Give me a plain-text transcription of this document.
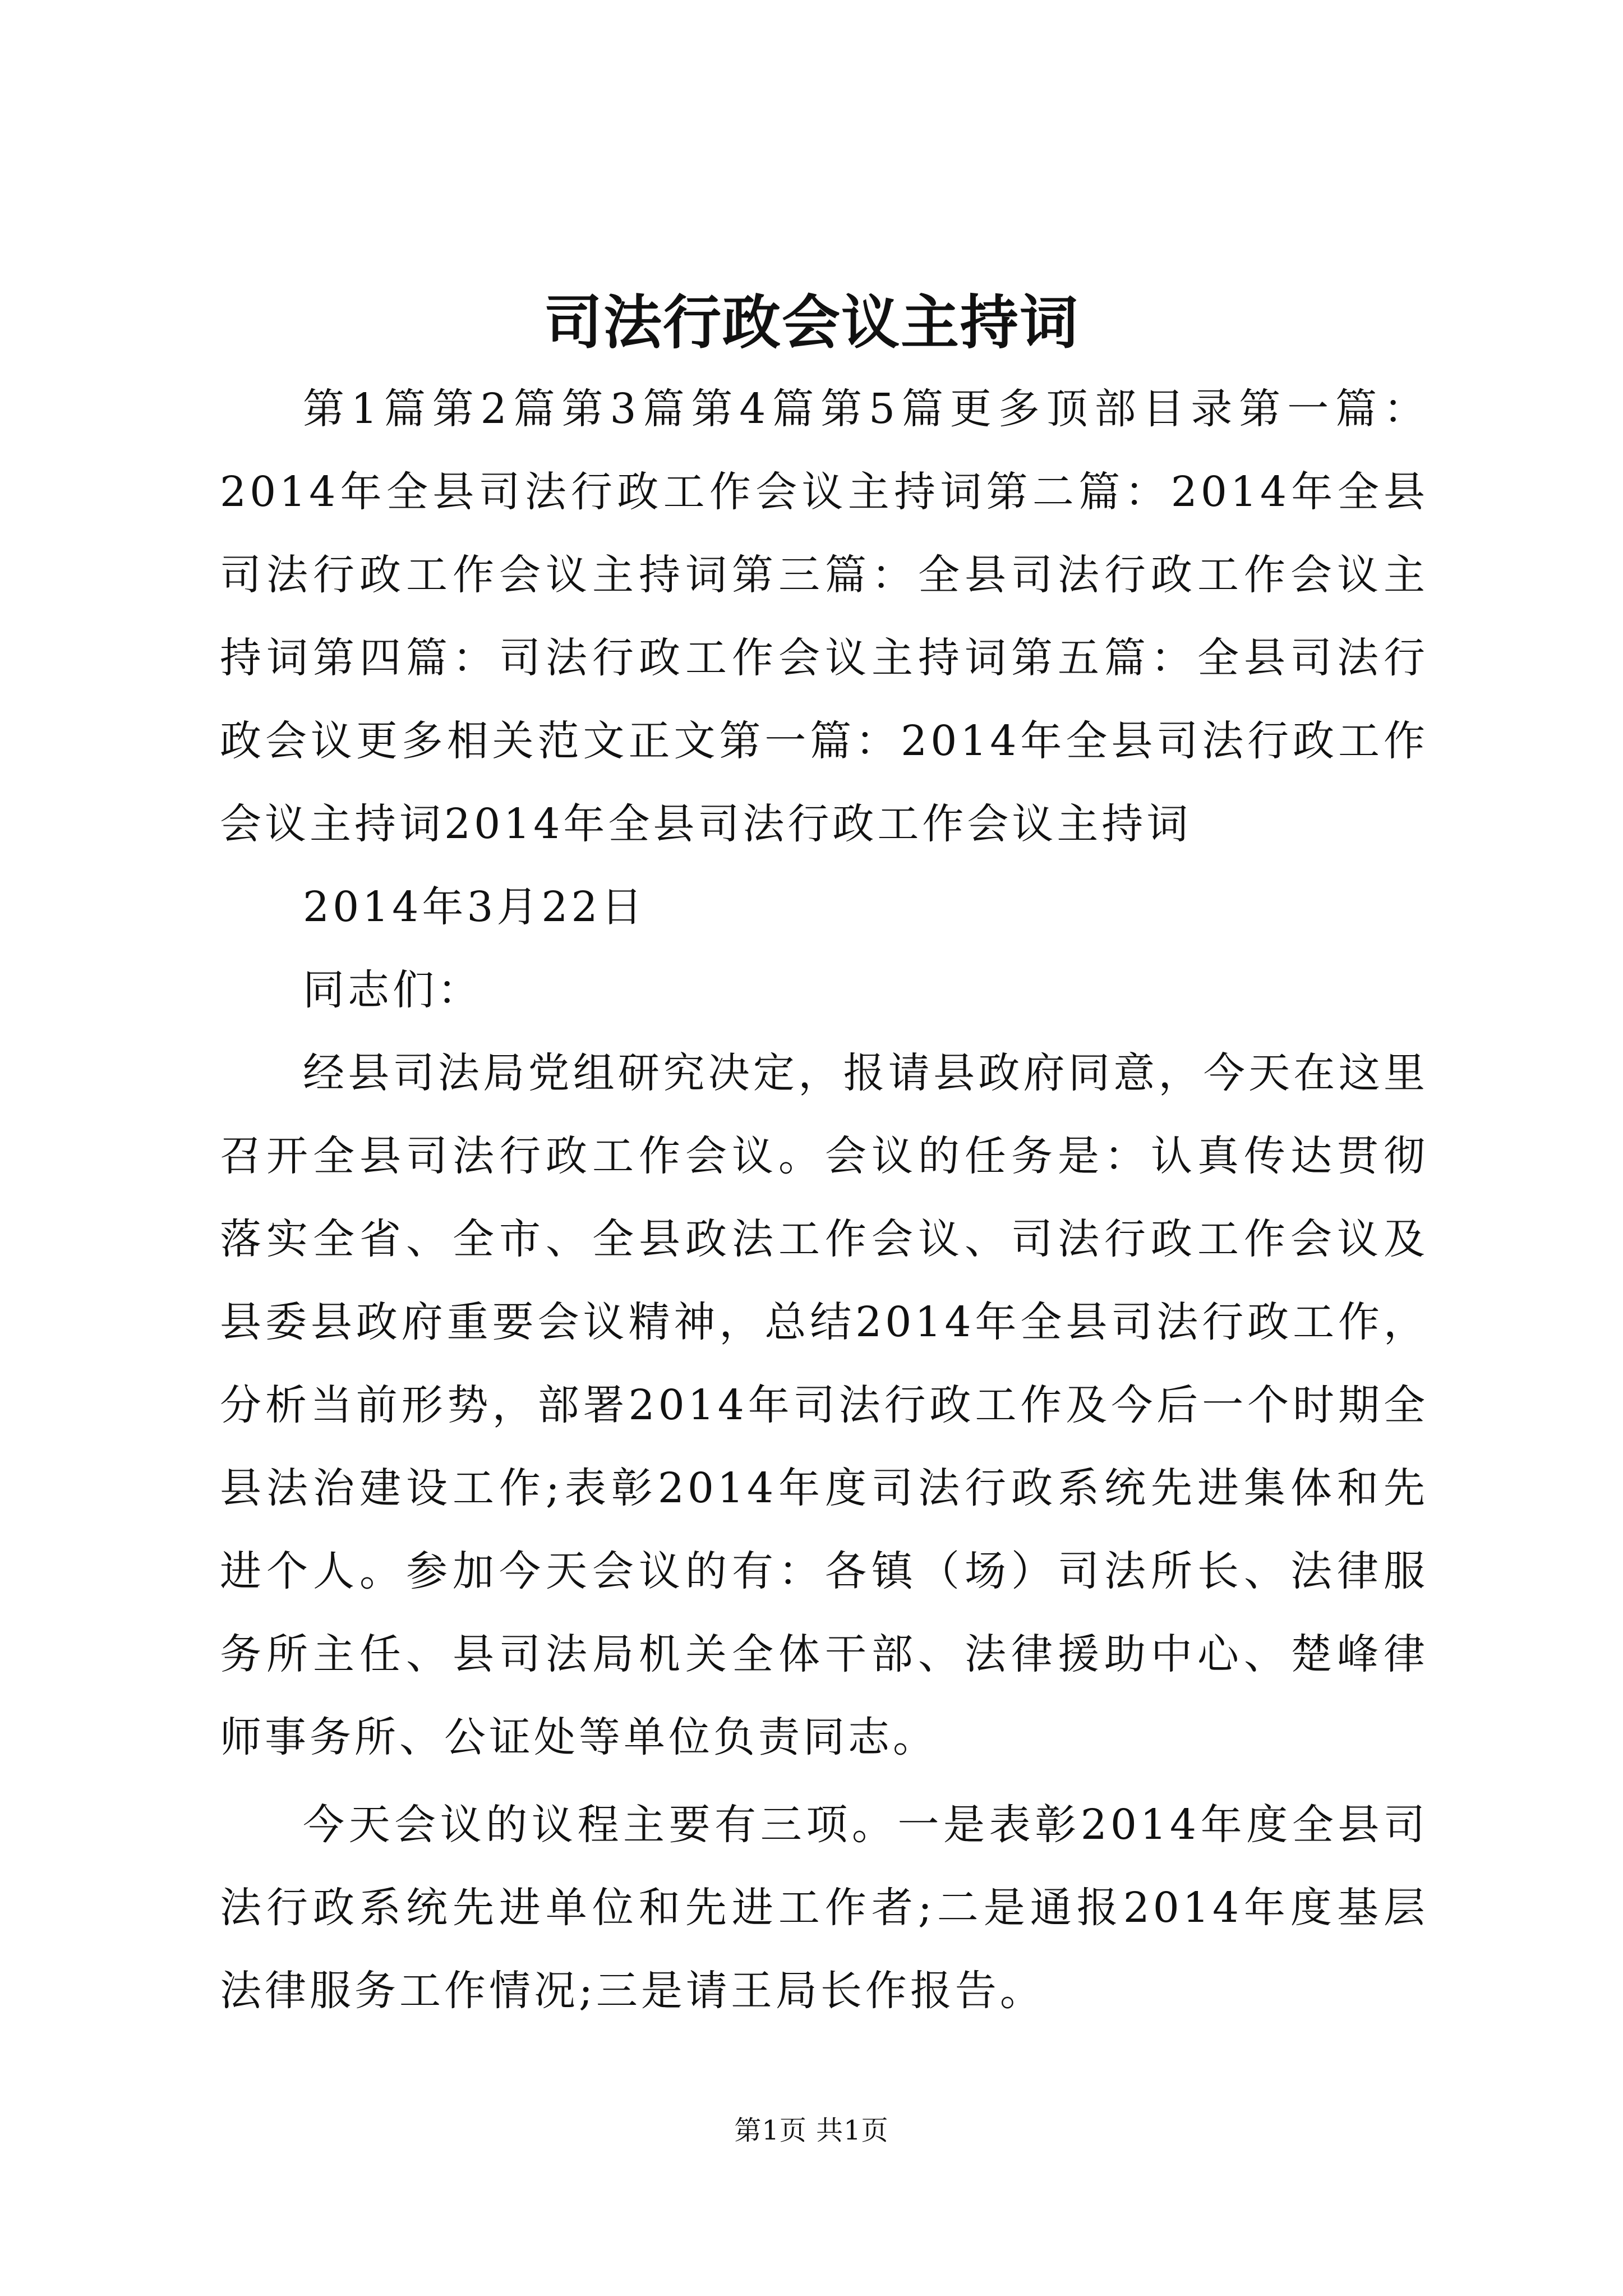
司法行政会议主持词

第1篇第2篇第3篇第4篇第5篇更多顶部目录第一篇：2014年全县司法行政工作会议主持词第二篇：2014年全县司法行政工作会议主持词第三篇：全县司法行政工作会议主持词第四篇：司法行政工作会议主持词第五篇：全县司法行政会议更多相关范文正文第一篇：2014年全县司法行政工作会议主持词2014年全县司法行政工作会议主持词

2014年3月22日

同志们：

经县司法局党组研究决定，报请县政府同意，今天在这里召开全县司法行政工作会议。会议的任务是：认真传达贯彻落实全省、全市、全县政法工作会议、司法行政工作会议及县委县政府重要会议精神，总结2014年全县司法行政工作，分析当前形势，部署2014年司法行政工作及今后一个时期全县法治建设工作;表彰2014年度司法行政系统先进集体和先进个人。参加今天会议的有：各镇（场）司法所长、法律服务所主任、县司法局机关全体干部、法律援助中心、楚峰律师事务所、公证处等单位负责同志。

今天会议的议程主要有三项。一是表彰2014年度全县司法行政系统先进单位和先进工作者;二是通报2014年度基层法律服务工作情况;三是请王局长作报告。

第1页 共1页
